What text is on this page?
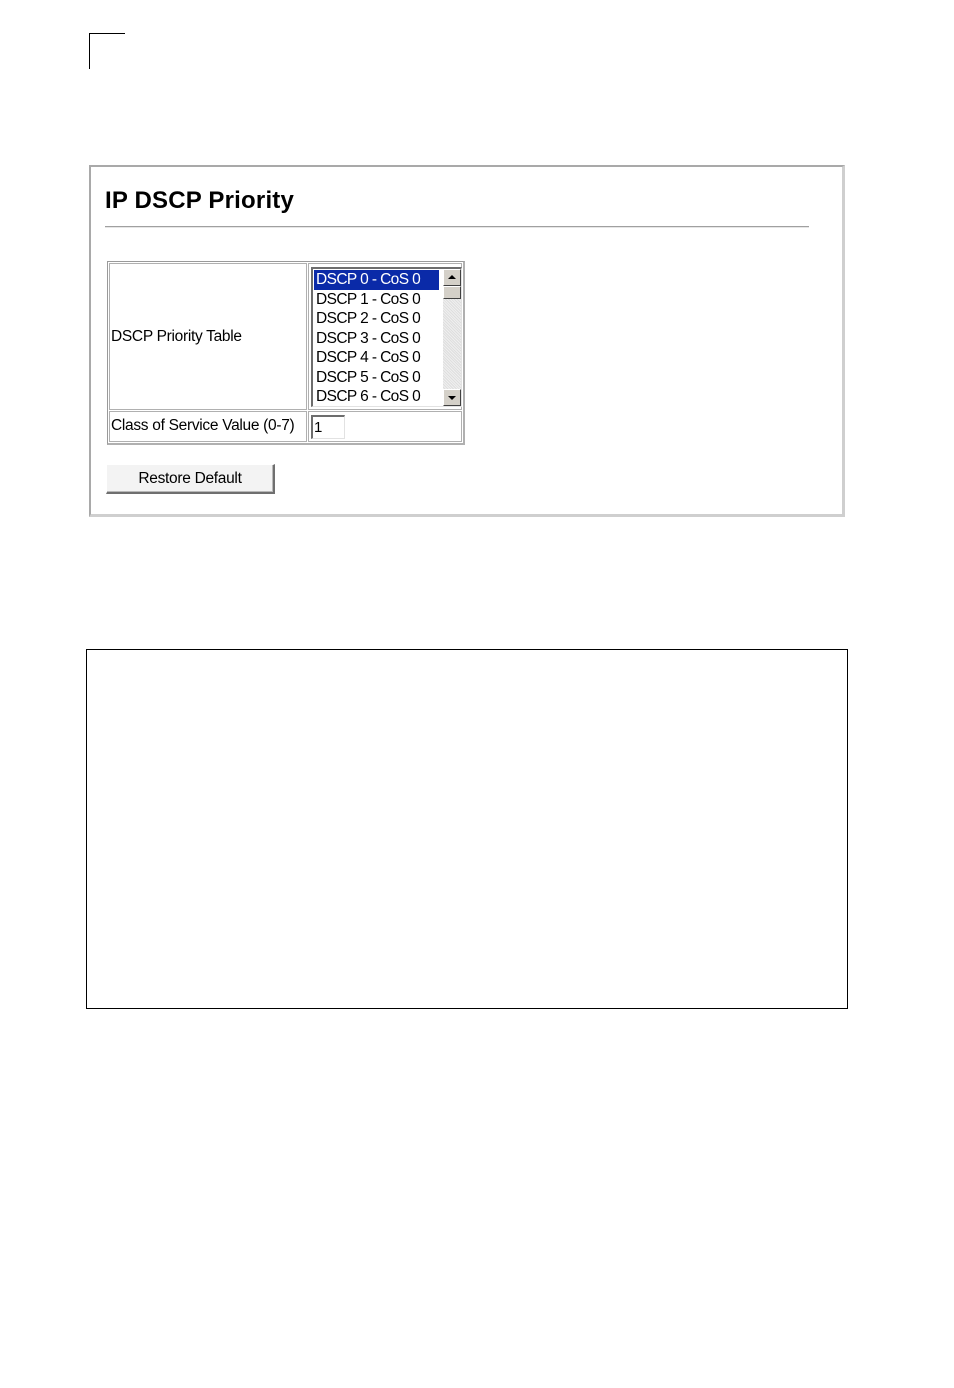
IP DSCP Priority
DSCP Priority Table
DSCP 0 - CoS 0
DSCP 1 - CoS 0
DSCP 2 - CoS 0
DSCP 3 - CoS 0
DSCP 4 - CoS 0
DSCP 5 - CoS 0
DSCP 6 - CoS 0
Class of Service Value (0-7)
1
Restore Default
